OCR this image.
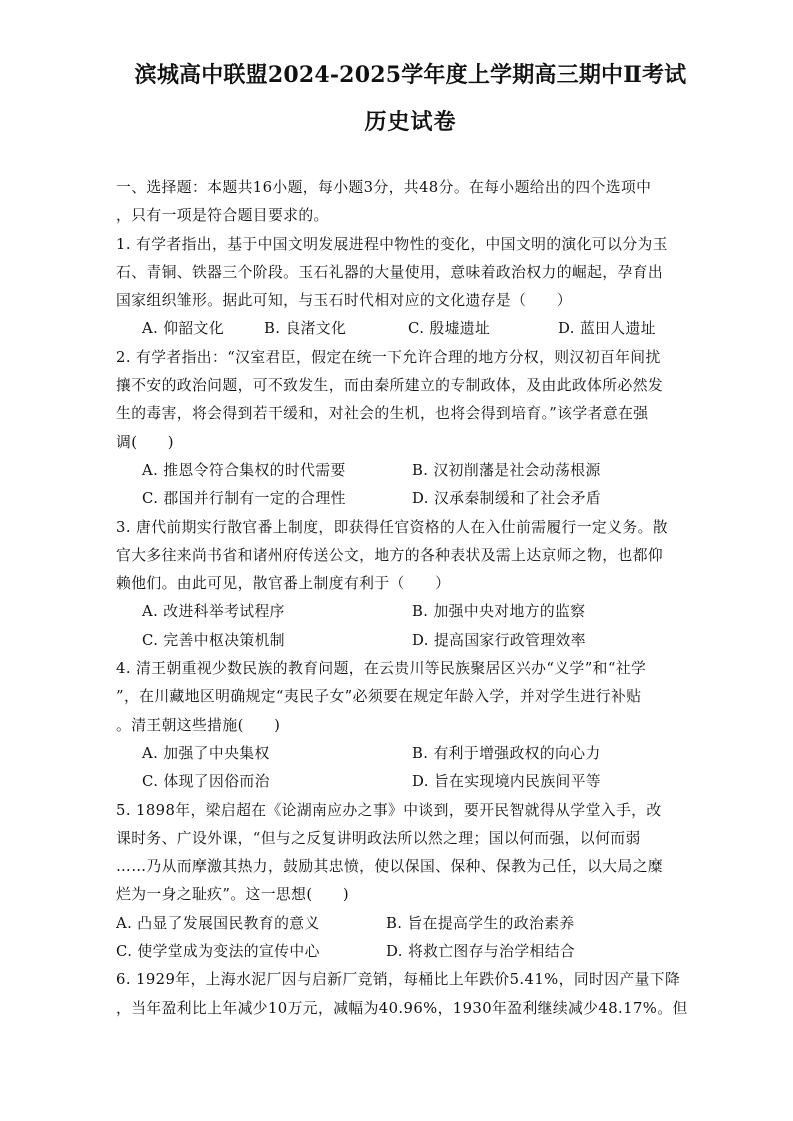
滨城高中联盟2024-2025学年度上学期高三期中Ⅱ考试
历史试卷

一、选择题：本题共16小题，每小题3分，共48分。在每小题给出的四个选项中

，只有一项是符合题目要求的。

1. 有学者指出，基于中国文明发展进程中物性的变化，中国文明的演化可以分为玉

石、青铜、铁器三个阶段。玉石礼器的大量使用，意味着政治权力的崛起，孕育出

国家组织雏形。据此可知，与玉石时代相对应的文化遗存是（　　）

A. 仰韶文化	B. 良渚文化	C. 殷墟遗址	D. 蓝田人遗址

2. 有学者指出：“汉室君臣，假定在统一下允许合理的地方分权，则汉初百年间扰

攘不安的政治问题，可不致发生，而由秦所建立的专制政体，及由此政体所必然发

生的毒害，将会得到若干缓和，对社会的生机，也将会得到培育。”该学者意在强

调(　　)

A. 推恩令符合集权的时代需要	B. 汉初削藩是社会动荡根源
C. 郡国并行制有一定的合理性	D. 汉承秦制缓和了社会矛盾

3. 唐代前期实行散官番上制度，即获得任官资格的人在入仕前需履行一定义务。散

官大多往来尚书省和诸州府传送公文，地方的各种表状及需上达京师之物，也都仰

赖他们。由此可见，散官番上制度有利于（　　）

A. 改进科举考试程序	B. 加强中央对地方的监察
C. 完善中枢决策机制	D. 提高国家行政管理效率

4. 清王朝重视少数民族的教育问题，在云贵川等民族聚居区兴办“义学”和“社学

”，在川藏地区明确规定“夷民子女”必须要在规定年龄入学，并对学生进行补贴

。清王朝这些措施(　　)

A. 加强了中央集权	B. 有利于增强政权的向心力
C. 体现了因俗而治	D. 旨在实现境内民族间平等

5. 1898年，梁启超在《论湖南应办之事》中谈到，要开民智就得从学堂入手，改

课时务、广设外课，“但与之反复讲明政法所以然之理；国以何而强，以何而弱

……乃从而摩激其热力，鼓励其忠愤，使以保国、保种、保教为己任，以大局之糜

烂为一身之耻疚”。这一思想(　　)

A. 凸显了发展国民教育的意义	B. 旨在提高学生的政治素养
C. 使学堂成为变法的宣传中心	D. 将救亡图存与治学相结合

6. 1929年，上海水泥厂因与启新厂竞销，每桶比上年跌价5.41%，同时因产量下降

，当年盈利比上年减少10万元，减幅为40.96%，1930年盈利继续减少48.17%。但
